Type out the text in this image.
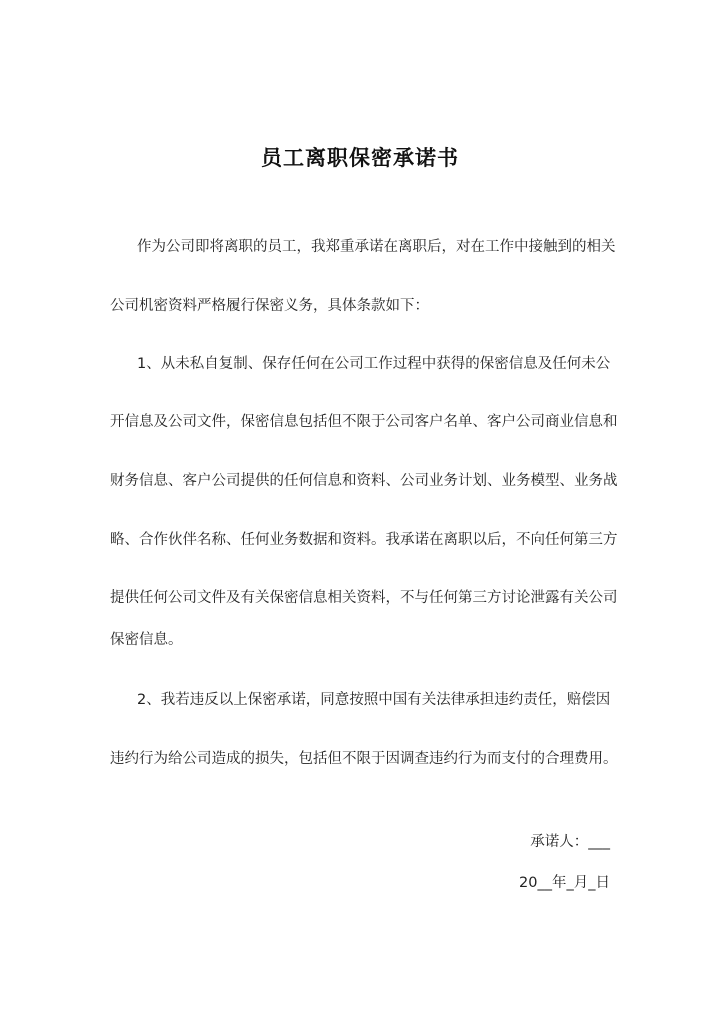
员工离职保密承诺书
作为公司即将离职的员工，我郑重承诺在离职后，对在工作中接触到的相关
公司机密资料严格履行保密义务，具体条款如下：
1、从未私自复制、保存任何在公司工作过程中获得的保密信息及任何未公
开信息及公司文件，保密信息包括但不限于公司客户名单、客户公司商业信息和
财务信息、客户公司提供的任何信息和资料、公司业务计划、业务模型、业务战
略、合作伙伴名称、任何业务数据和资料。我承诺在离职以后，不向任何第三方
提供任何公司文件及有关保密信息相关资料，不与任何第三方讨论泄露有关公司
保密信息。
2、我若违反以上保密承诺，同意按照中国有关法律承担违约责任，赔偿因
违约行为给公司造成的损失，包括但不限于因调查违约行为而支付的合理费用。
承诺人：___
20__年_月_日
